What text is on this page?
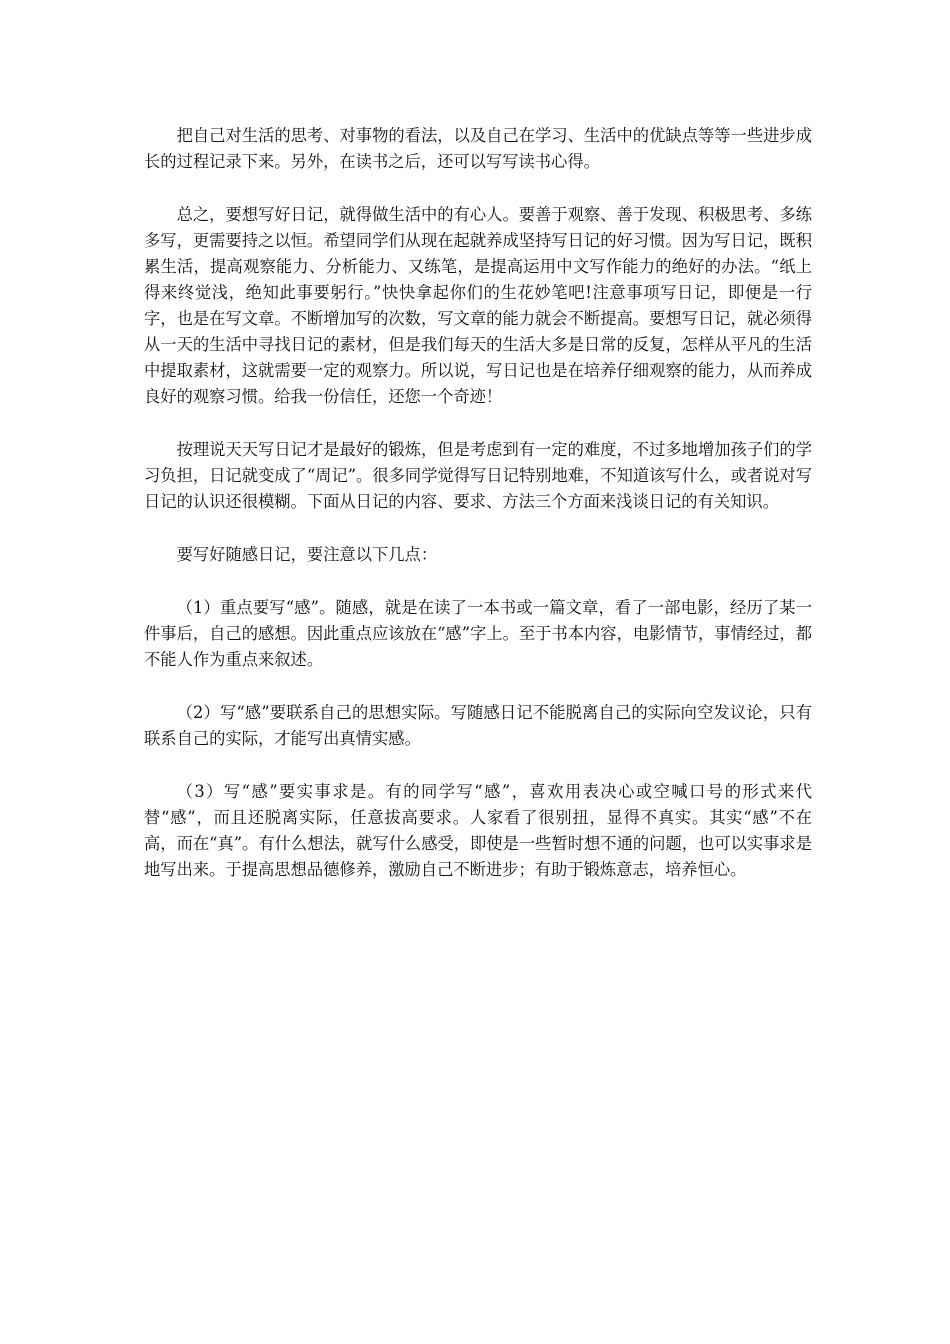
把自己对生活的思考、对事物的看法，以及自己在学习、生活中的优缺点等等一些进步成长的过程记录下来。另外，在读书之后，还可以写写读书心得。

总之，要想写好日记，就得做生活中的有心人。要善于观察、善于发现、积极思考、多练多写，更需要持之以恒。希望同学们从现在起就养成坚持写日记的好习惯。因为写日记，既积累生活，提高观察能力、分析能力、又练笔，是提高运用中文写作能力的绝好的办法。“纸上得来终觉浅，绝知此事要躬行。”快快拿起你们的生花妙笔吧!注意事项写日记，即便是一行字，也是在写文章。不断增加写的次数，写文章的能力就会不断提高。要想写日记，就必须得从一天的生活中寻找日记的素材，但是我们每天的生活大多是日常的反复，怎样从平凡的生活中提取素材，这就需要一定的观察力。所以说，写日记也是在培养仔细观察的能力，从而养成良好的观察习惯。给我一份信任，还您一个奇迹！

按理说天天写日记才是最好的锻炼，但是考虑到有一定的难度，不过多地增加孩子们的学习负担，日记就变成了“周记”。很多同学觉得写日记特别地难，不知道该写什么，或者说对写日记的认识还很模糊。下面从日记的内容、要求、方法三个方面来浅谈日记的有关知识。

要写好随感日记，要注意以下几点：

（1）重点要写“感”。随感，就是在读了一本书或一篇文章，看了一部电影，经历了某一件事后，自己的感想。因此重点应该放在“感”字上。至于书本内容，电影情节，事情经过，都不能人作为重点来叙述。

（2）写“感”要联系自己的思想实际。写随感日记不能脱离自己的实际向空发议论，只有联系自己的实际，才能写出真情实感。

（3）写“感”要实事求是。有的同学写“感”，喜欢用表决心或空喊口号的形式来代替“感”，而且还脱离实际，任意拔高要求。人家看了很别扭，显得不真实。其实“感”不在高，而在“真”。有什么想法，就写什么感受，即使是一些暂时想不通的问题，也可以实事求是地写出来。于提高思想品德修养，激励自己不断进步；有助于锻炼意志，培养恒心。
